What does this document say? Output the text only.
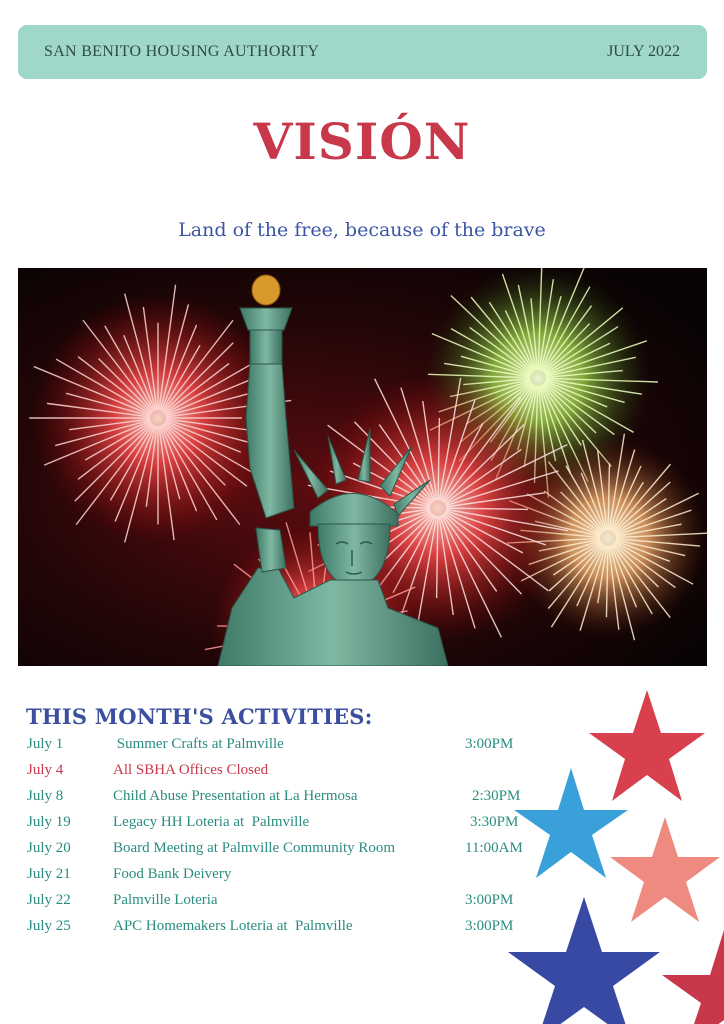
SAN BENITO HOUSING AUTHORITY	JULY 2022
VISIÓN
Land of the free, because of the brave
THIS MONTH'S ACTIVITIES:
July 1	Summer Crafts at Palmville	3:00PM
July 4	All SBHA Offices Closed
July 8	Child Abuse Presentation at La Hermosa	2:30PM
July 19	Legacy HH Loteria at  Palmville	3:30PM
July 20	Board Meeting at Palmville Community Room	11:00AM
July 21	Food Bank Deivery
July 22	Palmville Loteria	3:00PM
July 25	APC Homemakers Loteria at  Palmville	3:00PM
